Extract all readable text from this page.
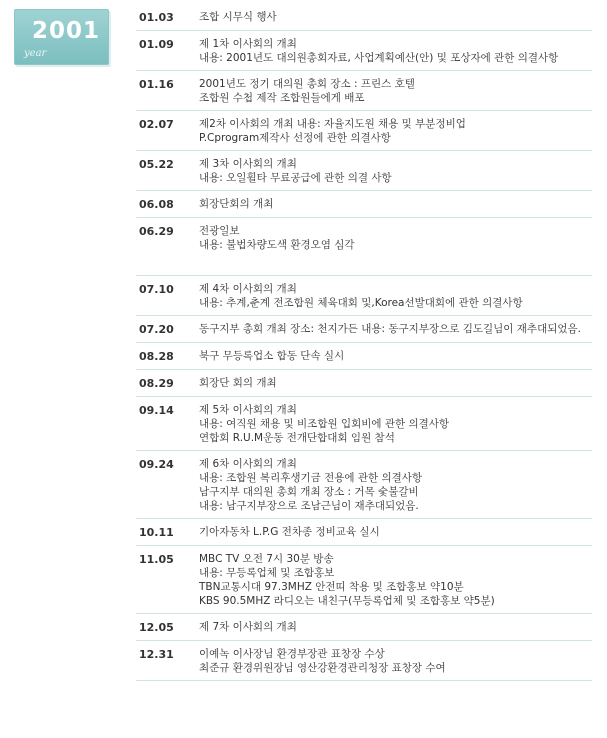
2001
year
01.03	조합 시무식 행사
01.09	제 1차 이사회의 개최
내용: 2001년도 대의원총회자료, 사업계획예산(안) 및 포상자에 관한 의결사항
01.16	2001년도 정기 대의원 총회 장소 : 프린스 호텔
조합원 수첩 제작 조합원들에게 배포
02.07	제2차 이사회의 개최 내용: 자율지도원 채용 및 부분정비업
P.Cprogram제작사 선정에 관한 의결사항
05.22	제 3차 이사회의 개최
내용: 오일휠타 무료공급에 관한 의결 사항
06.08	회장단회의 개최
06.29	전광일보
내용: 불법차량도색 환경오염 심각
07.10	제 4차 이사회의 개최
내용: 추계,춘계 전조합원 체육대회 및,Korea선발대회에 관한 의결사항
07.20	동구지부 총회 개최 장소: 천지가든 내용: 동구지부장으로 김도길님이 재추대되었음.
08.28	북구 무등록업소 합동 단속 실시
08.29	회장단 회의 개최
09.14	제 5차 이사회의 개최
내용: 여직원 채용 및 비조합원 입회비에 관한 의결사항
연합회 R.U.M운동 전개단합대회 임원 참석
09.24	제 6차 이사회의 개최
내용: 조합원 복리후생기금 전용에 관한 의결사항
남구지부 대의원 총회 개최 장소 : 거목 숯불갈비
내용: 남구지부장으로 조남근님이 재추대되었음.
10.11	기아자동차 L.P.G 전차종 정비교육 실시
11.05	MBC TV 오전 7시 30분 방송
내용: 무등록업체 및 조합홍보
TBN교통시대 97.3MHZ 안전띠 착용 및 조합홍보 약10분
KBS 90.5MHZ 라디오는 내친구(무등록업체 및 조합홍보 약5분)
12.05	제 7차 이사회의 개최
12.31	이예녹 이사장님 환경부장관 표창장 수상
최준규 환경위원장님 영산강환경관리청장 표창장 수여
